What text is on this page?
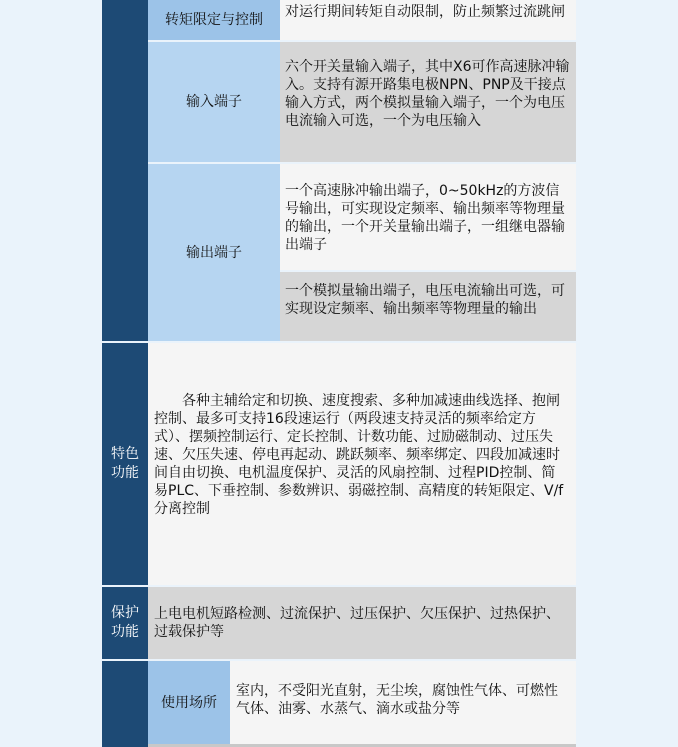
转矩限定与控制	对运行期间转矩自动限制，防止频繁过流跳闸
输入端子
六个开关量输入端子，其中X6可作高速脉冲输入。支持有源开路集电极NPN、PNP及干接点输入方式，两个模拟量输入端子，一个为电压电流输入可选，一个为电压输入
输出端子
一个高速脉冲输出端子，0~50kHz的方波信号输出，可实现设定频率、输出频率等物理量的输出，一个开关量输出端子，一组继电器输出端子
一个模拟量输出端子，电压电流输出可选，可实现设定频率、输出频率等物理量的输出
特色功能
各种主辅给定和切换、速度搜索、多种加减速曲线选择、抱闸控制、最多可支持16段速运行（两段速支持灵活的频率给定方式）、摆频控制运行、定长控制、计数功能、过励磁制动、过压失速、欠压失速、停电再起动、跳跃频率、频率绑定、四段加减速时间自由切换、电机温度保护、灵活的风扇控制、过程PID控制、简易PLC、下垂控制、参数辨识、弱磁控制、高精度的转矩限定、V/f分离控制
保护功能
上电电机短路检测、过流保护、过压保护、欠压保护、过热保护、过载保护等
使用场所
室内，不受阳光直射，无尘埃，腐蚀性气体、可燃性气体、油雾、水蒸气、滴水或盐分等
